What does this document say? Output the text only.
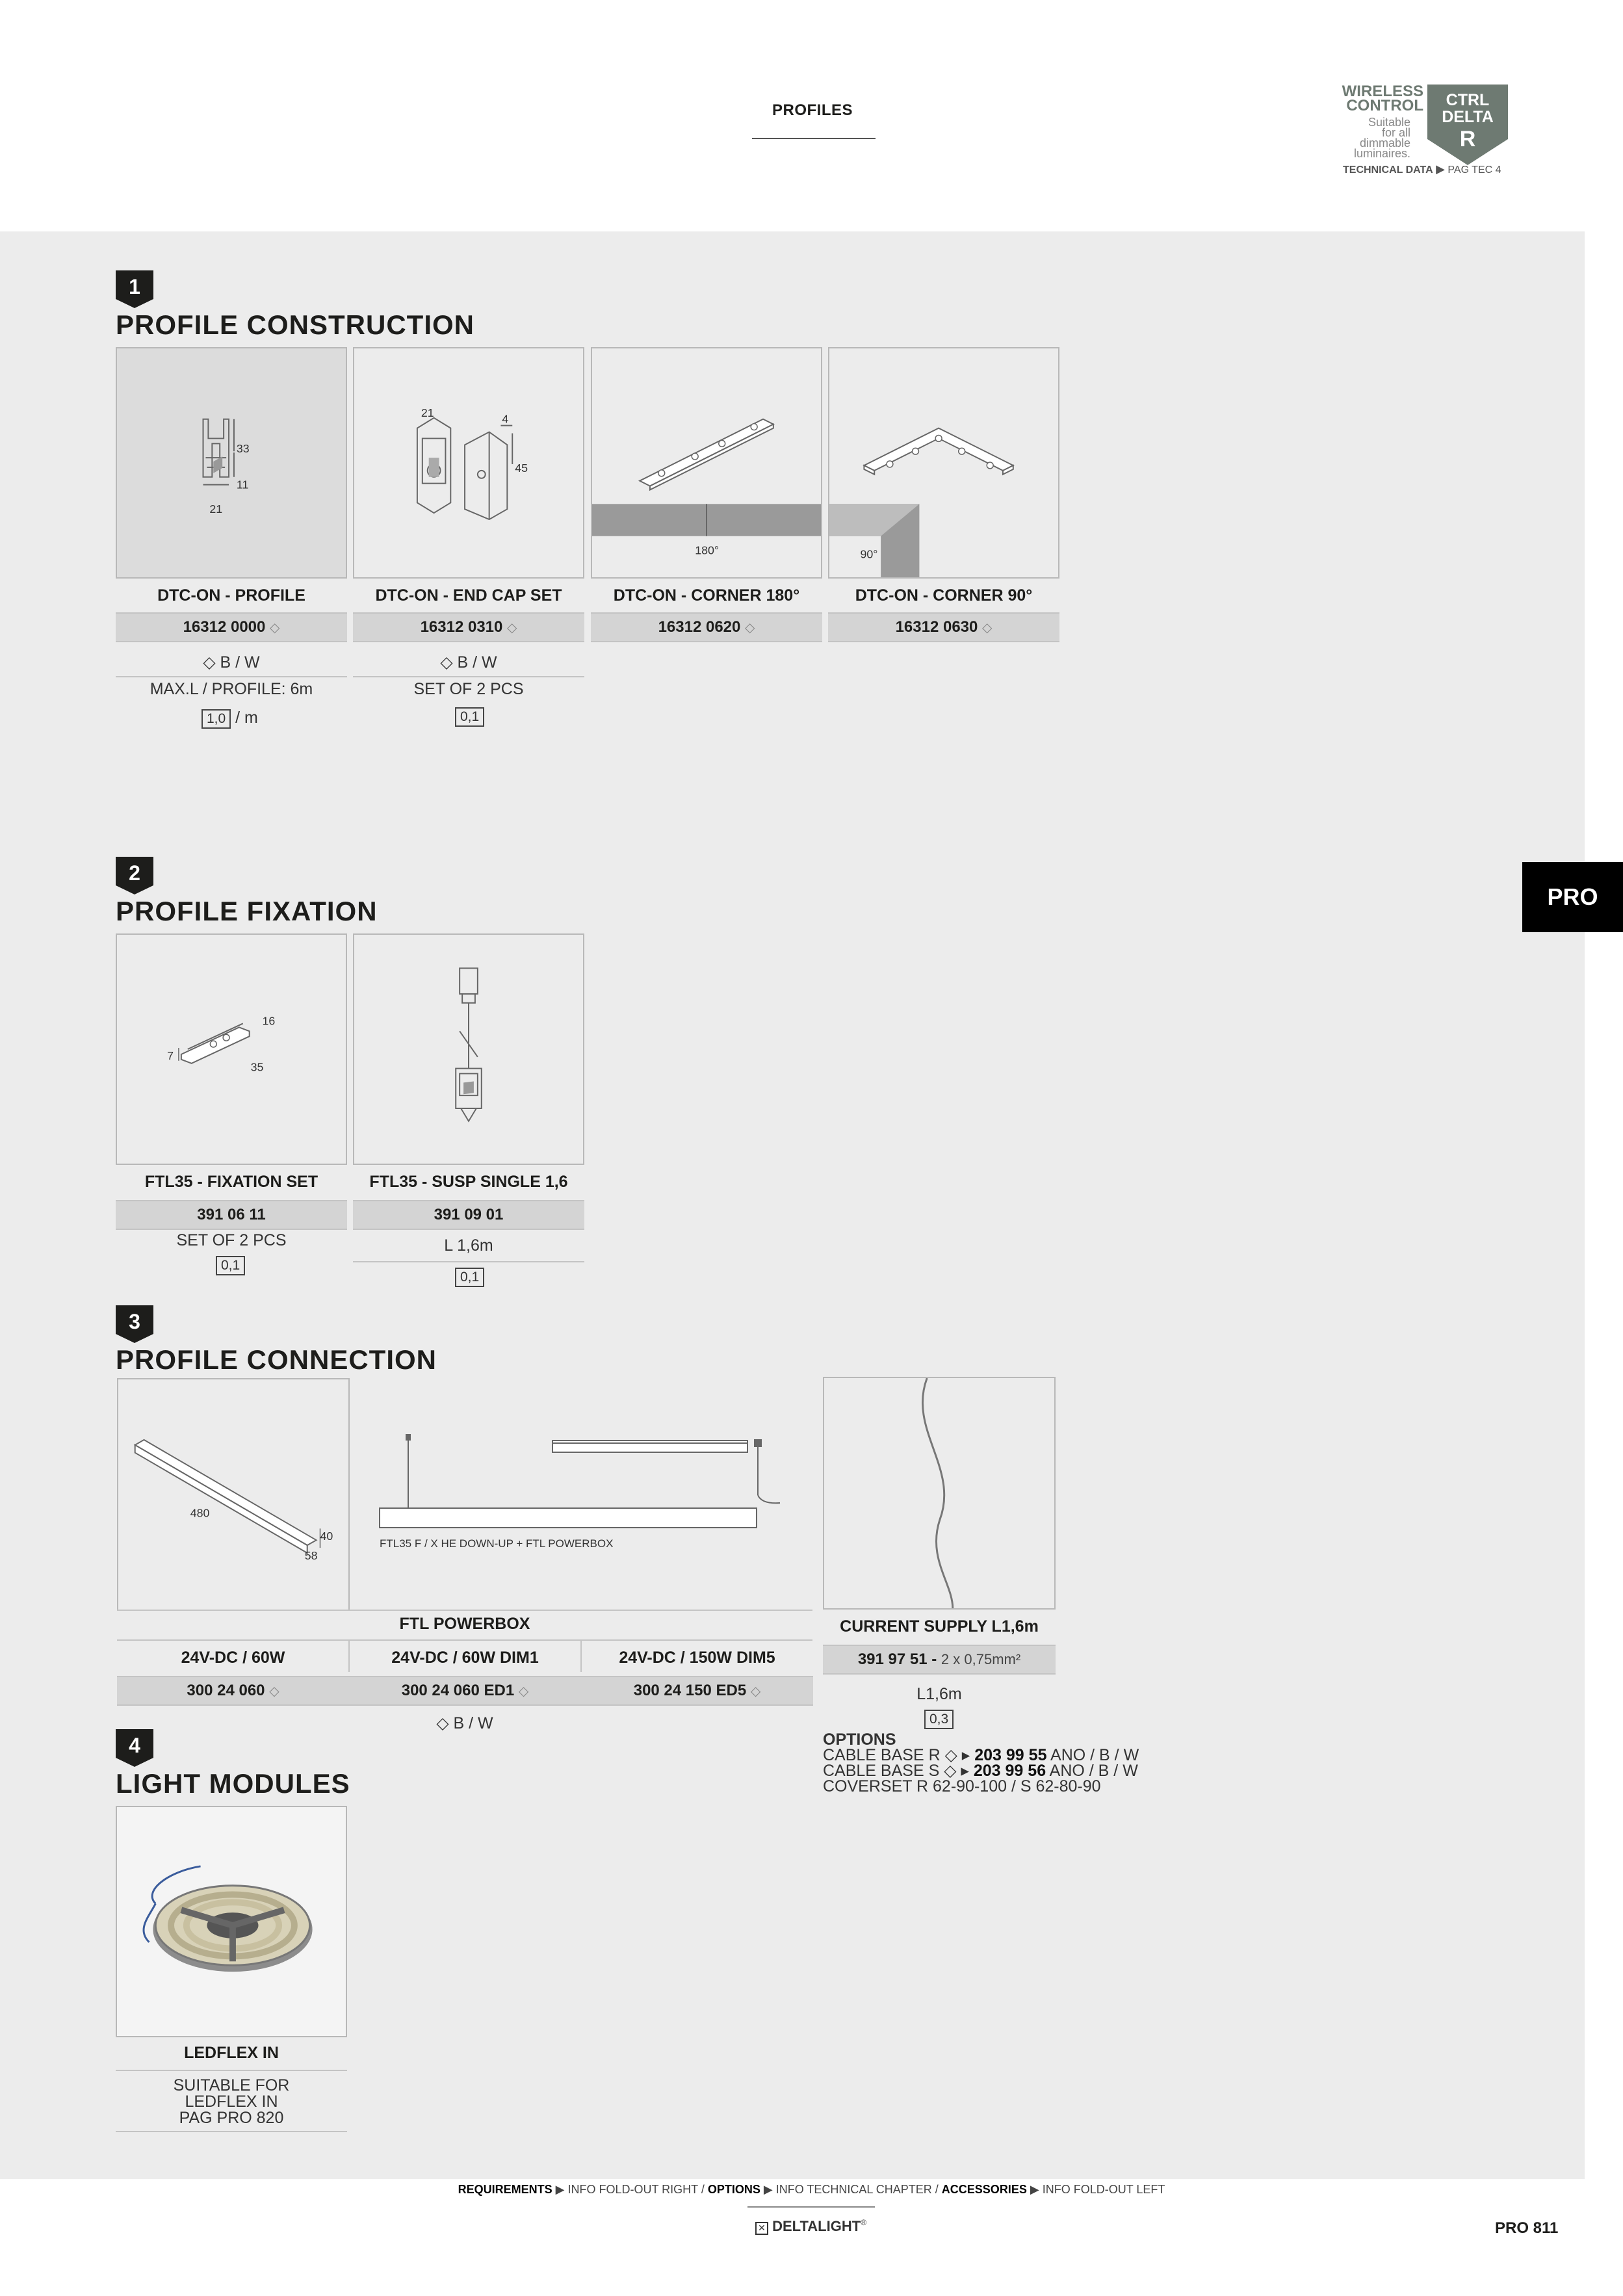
PROFILES
WIRELESS
CONTROL
Suitable
for all
dimmable
luminaires.
CTRL
DELTA
R
TECHNICAL DATA ▶ PAG TEC 4
PRO
1
PROFILE CONSTRUCTION
33
11
21
21	4
45
180°	90°
DTC-ON - PROFILE	DTC-ON - END CAP SET	DTC-ON - CORNER 180°	DTC-ON - CORNER 90°
16312 0000 ◇	16312 0310 ◇	16312 0620 ◇	16312 0630 ◇
◇ B / W
MAX.L / PROFILE: 6m
1,0 / m
◇ B / W
SET OF 2 PCS
0,1
2
PROFILE FIXATION
16
7
35
FTL35 - FIXATION SET	FTL35 - SUSP SINGLE 1,6
391 06 11	391 09 01
SET OF 2 PCS
0,1
L 1,6m
0,1
3
PROFILE CONNECTION
480
40
58
FTL35 F / X HE DOWN-UP + FTL POWERBOX
FTL POWERBOX
24V-DC / 60W	24V-DC / 60W DIM1	24V-DC / 150W DIM5
300 24 060 ◇	300 24 060 ED1 ◇	300 24 150 ED5 ◇
◇ B / W
CURRENT SUPPLY L1,6m
391 97 51 - 2 x 0,75mm²
L1,6m
0,3
OPTIONS
CABLE BASE R ◇ ▸ 203 99 55 ANO / B / W
CABLE BASE S ◇ ▸ 203 99 56 ANO / B / W
COVERSET R 62-90-100 / S 62-80-90
4
LIGHT MODULES
LEDFLEX IN
SUITABLE FOR
LEDFLEX IN
PAG PRO 820
REQUIREMENTS ▶ INFO FOLD-OUT RIGHT / OPTIONS ▶ INFO TECHNICAL CHAPTER / ACCESSORIES ▶ INFO FOLD-OUT LEFT
✕ DELTALIGHT®	PRO 811
